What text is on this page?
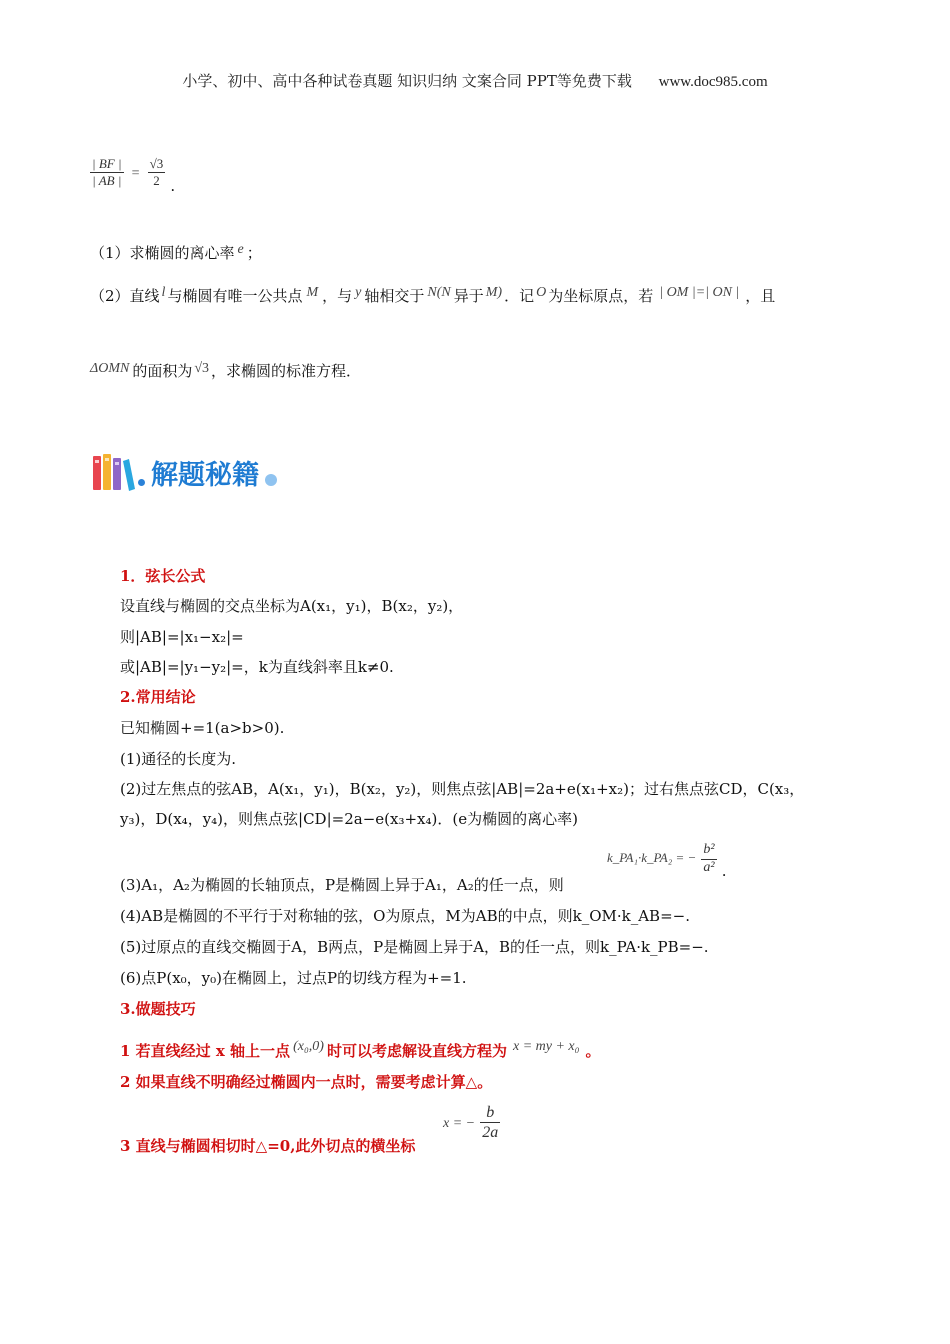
小学、初中、高中各种试卷真题 知识归纳 文案合同 PPT等免费下载 www.doc985.com
$\frac{| BF |}{| AB |} = \frac{√3}{2}$ .
（1）求椭圆的离心率 e ；
（2）直线 l 与椭圆有唯一公共点 M ，与 y 轴相交于 N(N 异于 M) ．记 O 为坐标原点，若 | OM |=| ON | ，且
ΔOMN 的面积为 √3 ，求椭圆的标准方程．
解题秘籍
1．弦长公式
设直线与椭圆的交点坐标为A(x₁，y₁)，B(x₂，y₂)，
则|AB|=|x₁−x₂|=
或|AB|=|y₁−y₂|=，k为直线斜率且k≠0.
2.常用结论
已知椭圆+=1(a>b>0).
(1)通径的长度为.
(2)过左焦点的弦AB，A(x₁，y₁)，B(x₂，y₂)，则焦点弦|AB|=2a+e(x₁+x₂)；过右焦点弦CD，C(x₃，
y₃)，D(x₄，y₄)，则焦点弦|CD|=2a−e(x₃+x₄)．(e为椭圆的离心率)
(3)A₁，A₂为椭圆的长轴顶点，P是椭圆上异于A₁，A₂的任一点，则
k_PA₁·k_PA₂ = − $\frac{\text{b²}}{\text{a²}}$ .
(4)AB是椭圆的不平行于对称轴的弦，O为原点，M为AB的中点，则k_OM·k_AB=−.
(5)过原点的直线交椭圆于A，B两点，P是椭圆上异于A，B的任一点，则k_PA·k_PB=−.
(6)点P(x₀，y₀)在椭圆上，过点P的切线方程为+=1.
3.做题技巧
1 若直线经过 x 轴上一点 (x₀,0) 时可以考虑解设直线方程为 x = my + x₀ 。
2 如果直线不明确经过椭圆内一点时，需要考虑计算△。
3 直线与椭圆相切时△=0,此外切点的横坐标
x = − $\frac{b}{2a}$
